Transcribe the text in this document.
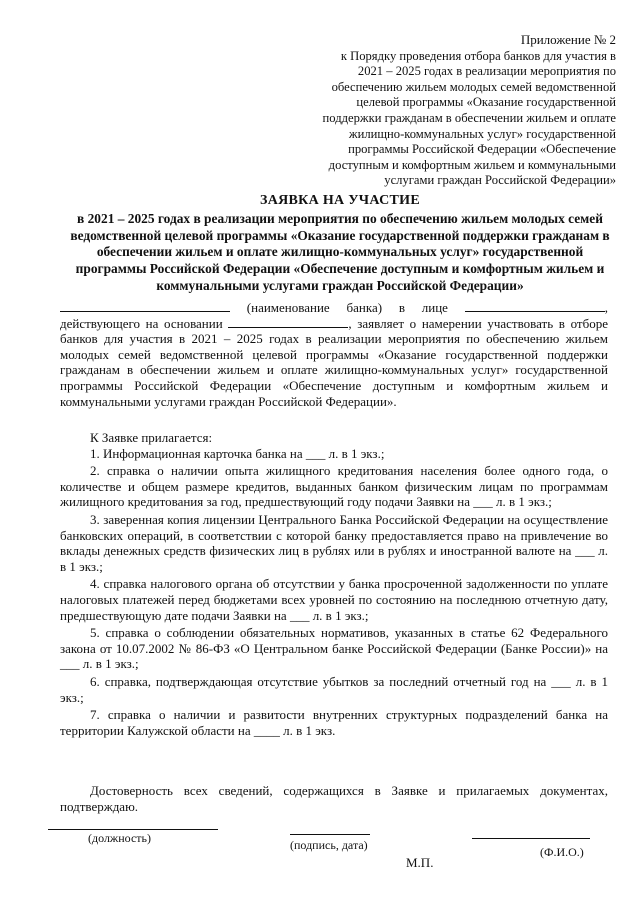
Приложение № 2
к Порядку проведения отбора банков для участия в 2021 – 2025 годах в реализации мероприятия по обеспечению жильем молодых семей ведомственной целевой программы «Оказание государственной поддержки гражданам в обеспечении жильем и оплате жилищно-коммунальных услуг» государственной программы Российской Федерации «Обеспечение доступным и комфортным жильем и коммунальными услугами граждан Российской Федерации»
ЗАЯВКА НА УЧАСТИЕ
в 2021 – 2025 годах в реализации мероприятия по обеспечению жильем молодых семей ведомственной целевой программы «Оказание государственной поддержки гражданам в обеспечении жильем и оплате жилищно-коммунальных услуг» государственной программы Российской Федерации «Обеспечение доступным и комфортным жильем и коммунальными услугами граждан Российской Федерации»

(наименование банка) в лице	, действующего на основании	, заявляет о намерении участвовать в отборе банков для участия в 2021 – 2025 годах в реализации мероприятия по обеспечению жильем молодых семей ведомственной целевой программы «Оказание государственной поддержки гражданам в обеспечении жильем и оплате жилищно-коммунальных услуг» государственной программы Российской Федерации «Обеспечение доступным и комфортным жильем и коммунальными услугами граждан Российской Федерации».

К Заявке прилагается:

1. Информационная карточка банка на ___ л. в 1 экз.;

2. справка о наличии опыта жилищного кредитования населения более одного года, о количестве и общем размере кредитов, выданных банком физическим лицам по программам жилищного кредитования за год, предшествующий году подачи Заявки на ___ л. в 1 экз.;

3. заверенная копия лицензии Центрального Банка Российской Федерации на осуществление банковских операций, в соответствии с которой банку предоставляется право на привлечение во вклады денежных средств физических лиц в рублях или в рублях и иностранной валюте на ___ л. в 1 экз.;

4. справка налогового органа об отсутствии у банка просроченной задолженности по уплате налоговых платежей перед бюджетами всех уровней по состоянию на последнюю отчетную дату, предшествующую дате подачи Заявки на ___ л. в 1 экз.;

5. справка о соблюдении обязательных нормативов, указанных в статье 62 Федерального закона от 10.07.2002 № 86-ФЗ «О Центральном банке Российской Федерации (Банке России)» на ___ л. в 1 экз.;

6. справка, подтверждающая отсутствие убытков за последний отчетный год на ___ л. в 1 экз.;

7. справка о наличии и развитости внутренних структурных подразделений банка на территории Калужской области на ____ л. в 1 экз.

Достоверность всех сведений, содержащихся в Заявке и прилагаемых документах, подтверждаю.

(должность)	(подпись, дата)	(Ф.И.О.)
М.П.
